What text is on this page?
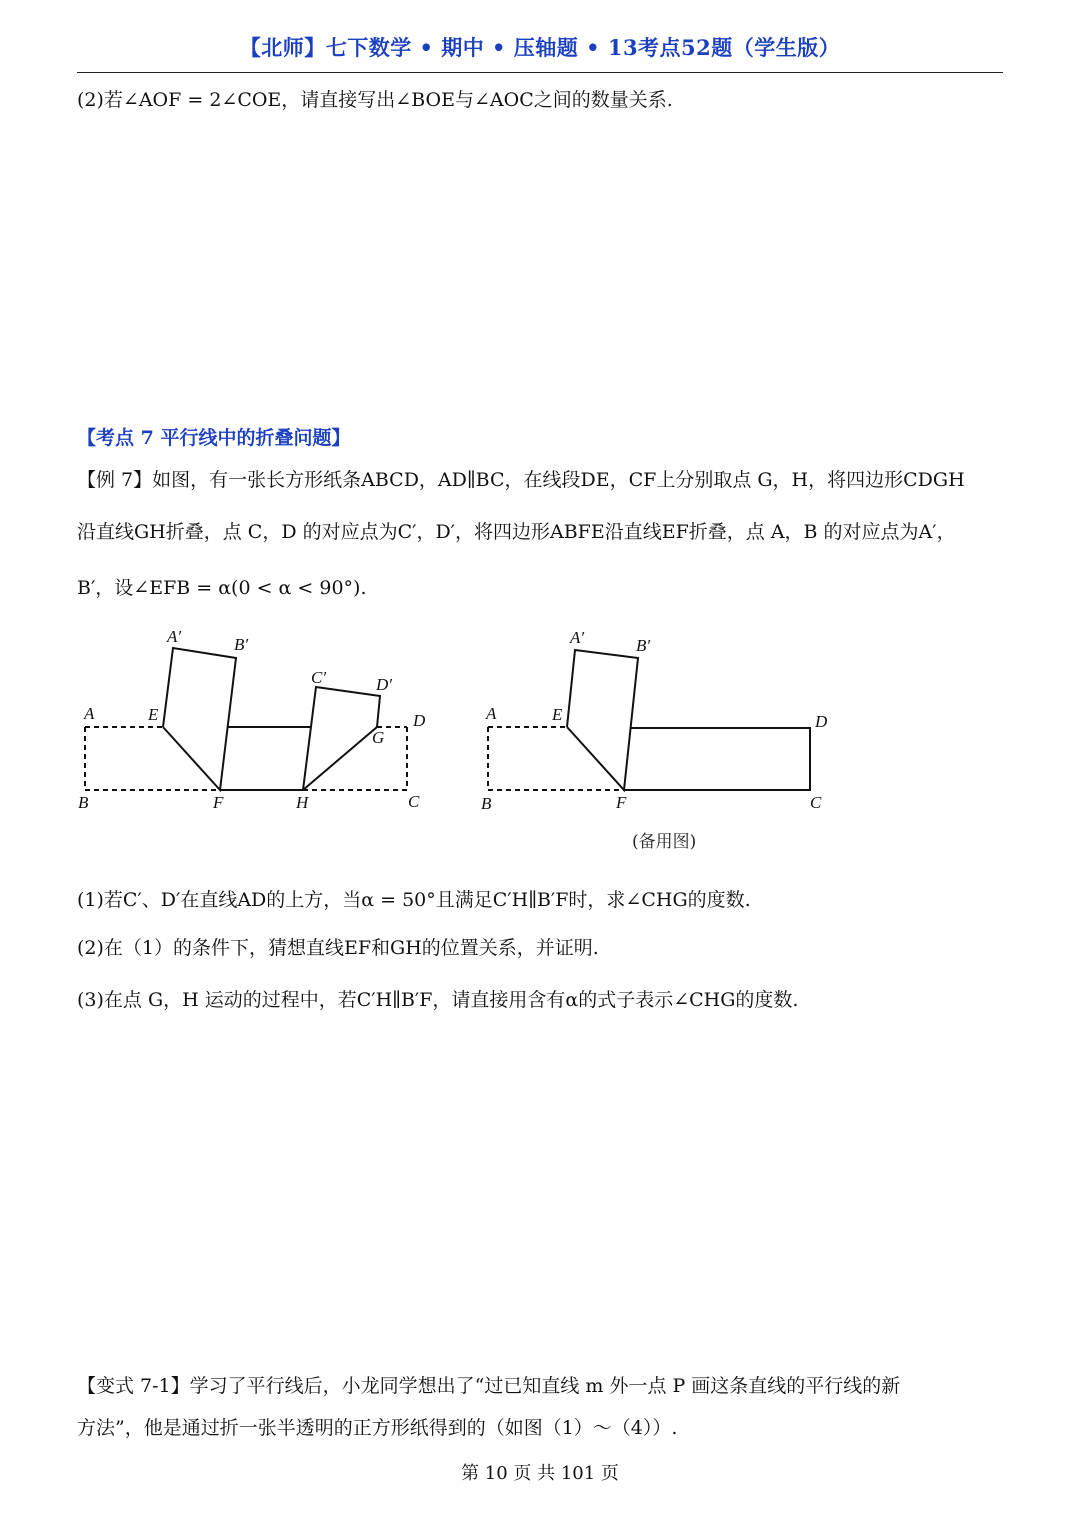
【北师】七下数学 • 期中 • 压轴题 • 13考点52题（学生版）
(2)若∠AOF = 2∠COE，请直接写出∠BOE与∠AOC之间的数量关系.
【考点 7 平行线中的折叠问题】
【例 7】如图，有一张长方形纸条ABCD，AD∥BC，在线段DE，CF上分别取点 G，H，将四边形CDGH
沿直线GH折叠，点 C，D 的对应点为C′，D′，将四边形ABFE沿直线EF折叠，点 A，B 的对应点为A′，
B′，设∠EFB = α(0 < α < 90°).
A′	B′
C′	D′
A	E
G
D
B	F	H	C
A′	B′
A	E	D
B	F	C
(备用图)
(1)若C′、D′在直线AD的上方，当α = 50°且满足C′H∥B′F时，求∠CHG的度数.
(2)在（1）的条件下，猜想直线EF和GH的位置关系，并证明.
(3)在点 G，H 运动的过程中，若C′H∥B′F，请直接用含有α的式子表示∠CHG的度数.
【变式 7-1】学习了平行线后，小龙同学想出了“过已知直线 m 外一点 P 画这条直线的平行线的新
方法”，他是通过折一张半透明的正方形纸得到的（如图（1）～（4））.
第 10 页 共 101 页
